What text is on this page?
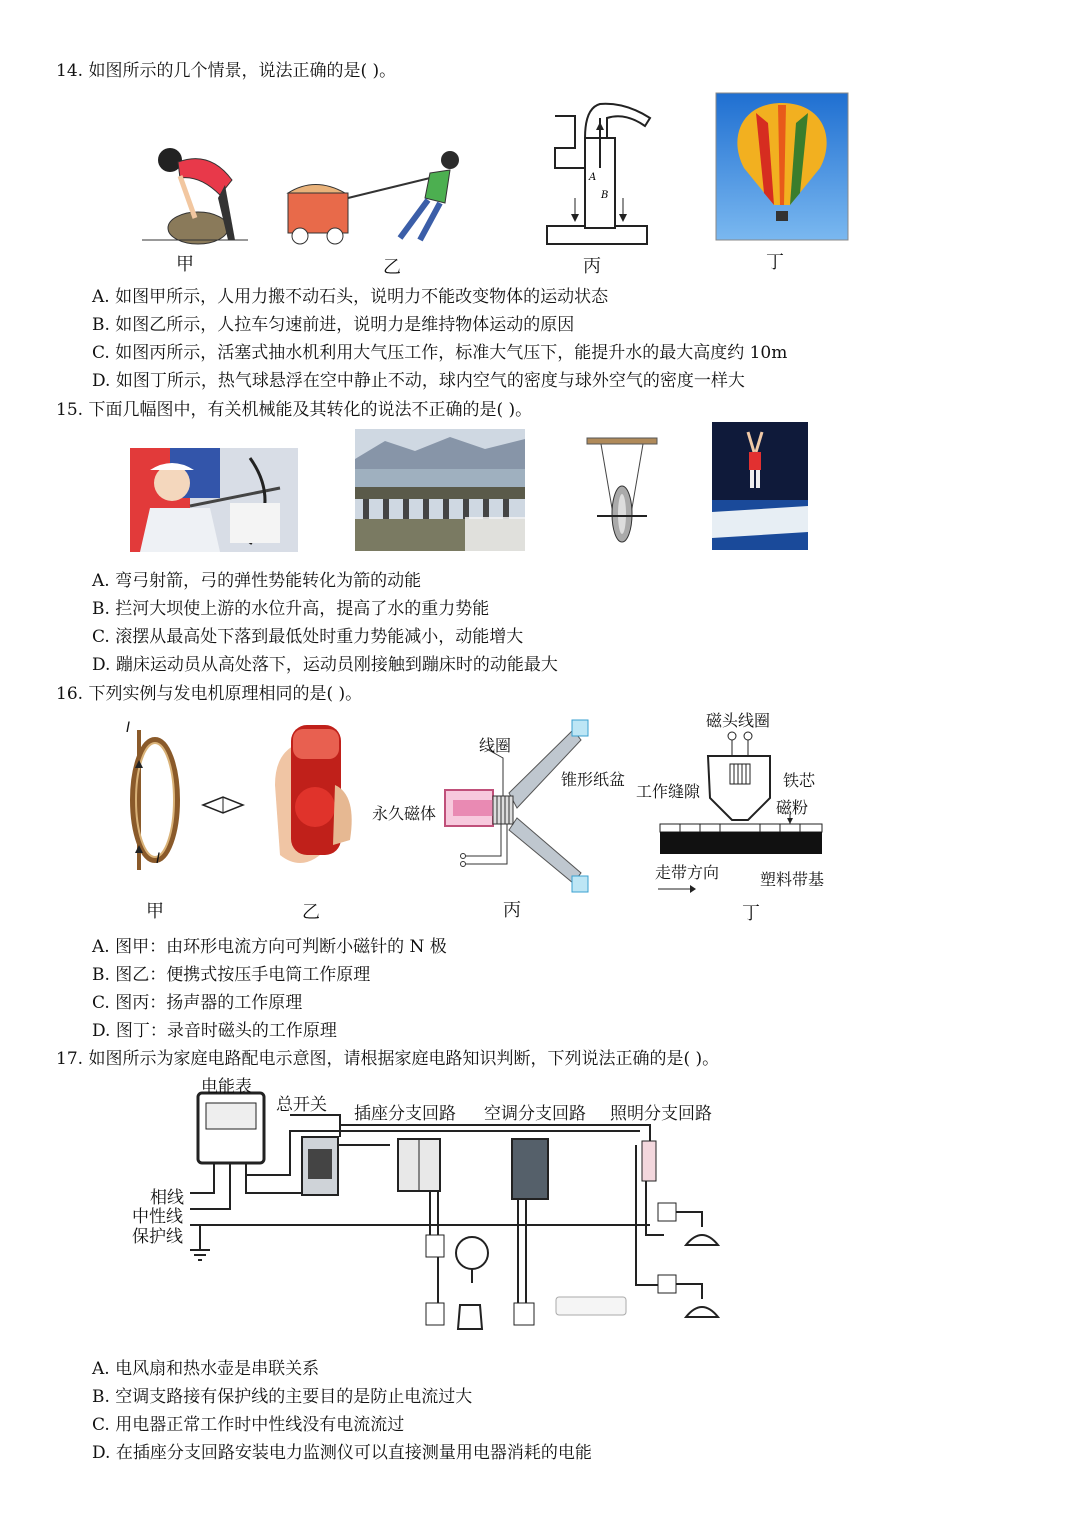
14. 如图所示的几个情景，说法正确的是( )。
甲	乙
A
B
丙	丁
A. 如图甲所示，人用力搬不动石头，说明力不能改变物体的运动状态
B. 如图乙所示，人拉车匀速前进，说明力是维持物体运动的原因
C. 如图丙所示，活塞式抽水机利用大气压工作，标准大气压下，能提升水的最大高度约 10m
D. 如图丁所示，热气球悬浮在空中静止不动，球内空气的密度与球外空气的密度一样大
15. 下面几幅图中，有关机械能及其转化的说法不正确的是( )。
A. 弯弓射箭，弓的弹性势能转化为箭的动能
B. 拦河大坝使上游的水位升高，提高了水的重力势能
C. 滚摆从最高处下落到最低处时重力势能减小，动能增大
D. 蹦床运动员从高处落下，运动员刚接触到蹦床时的动能最大
16. 下列实例与发电机原理相同的是( )。
I
I
甲	乙
线圈
锥形纸盆
永久磁体
丙
磁头线圈
工作缝隙
铁芯
磁粉
走带方向	塑料带基
丁
A. 图甲：由环形电流方向可判断小磁针的 N 极
B. 图乙：便携式按压手电筒工作原理
C. 图丙：扬声器的工作原理
D. 图丁：录音时磁头的工作原理
17. 如图所示为家庭电路配电示意图，请根据家庭电路知识判断，下列说法正确的是( )。
电能表
总开关 插座分支回路 空调分支回路 照明分支回路
相线
中性线
保护线
A. 电风扇和热水壶是串联关系
B. 空调支路接有保护线的主要目的是防止电流过大
C. 用电器正常工作时中性线没有电流流过
D. 在插座分支回路安装电力监测仪可以直接测量用电器消耗的电能
